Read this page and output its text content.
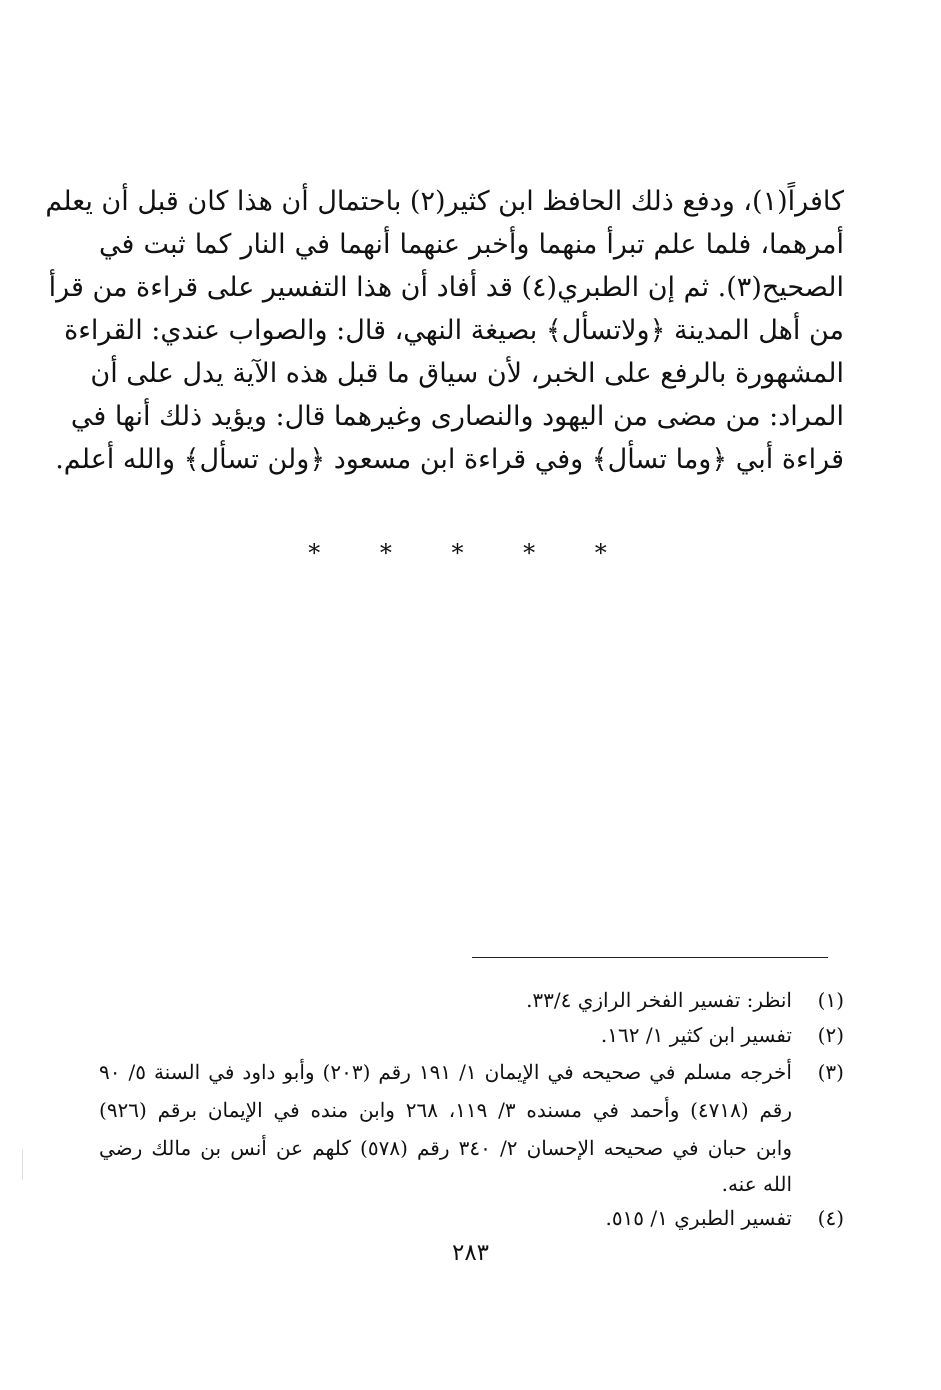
كافراً(١)، ودفع ذلك الحافظ ابن كثير(٢) باحتمال أن هذا كان قبل أن يعلم
أمرهما، فلما علم تبرأ منهما وأخبر عنهما أنهما في النار كما ثبت في
الصحيح(٣). ثم إن الطبري(٤) قد أفاد أن هذا التفسير على قراءة من قرأ
من أهل المدينة ﴿ولاتسأل﴾ بصيغة النهي، قال: والصواب عندي: القراءة
المشهورة بالرفع على الخبر، لأن سياق ما قبل هذه الآية يدل على أن
المراد: من مضى من اليهود والنصارى وغيرهما قال: ويؤيد ذلك أنها في
قراءة أبي ﴿وما تسأل﴾ وفي قراءة ابن مسعود ﴿ولن تسأل﴾ والله أعلم.
* * * * *
(١)انظر: تفسير الفخر الرازي ٣٣/٤.
(٢)تفسير ابن كثير ١/ ١٦٢.
(٣)أخرجه مسلم في صحيحه في الإيمان ١/ ١٩١ رقم (٢٠٣) وأبو داود في السنة ٥/ ٩٠
رقم (٤٧١٨) وأحمد في مسنده ٣/ ١١٩، ٢٦٨ وابن منده في الإيمان برقم (٩٢٦)
وابن حبان في صحيحه الإحسان ٢/ ٣٤٠ رقم (٥٧٨) كلهم عن أنس بن مالك رضي
الله عنه.
(٤)تفسير الطبري ١/ ٥١٥.
٢٨٣
